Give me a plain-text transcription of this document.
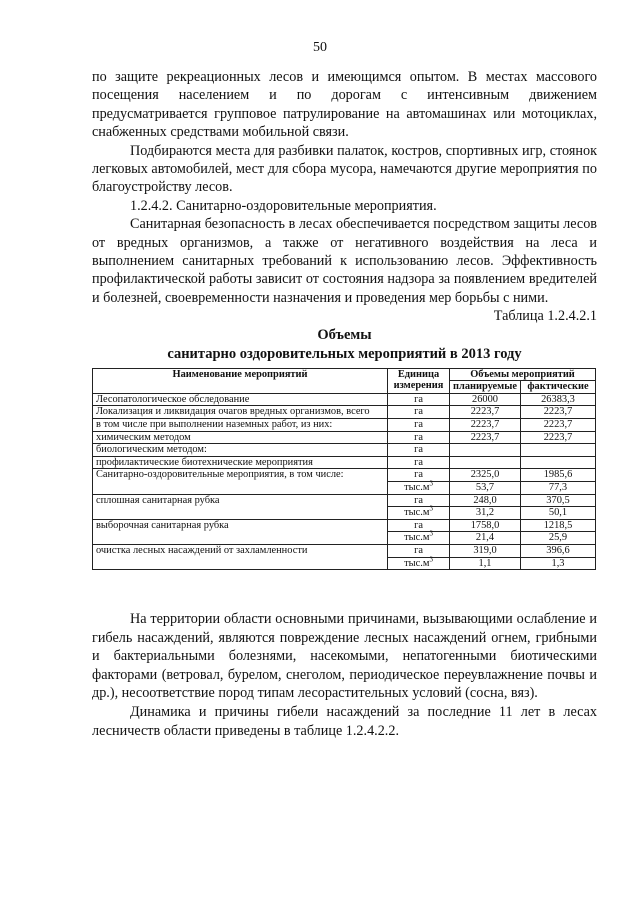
50

по защите рекреационных лесов и имеющимся опытом. В местах массового посещения населением и по дорогам с интенсивным движением предусматривается групповое патрулирование на автомашинах или мотоциклах, снабженных средствами мобильной связи.

Подбираются места для разбивки палаток, костров, спортивных игр, стоянок легковых автомобилей, мест для сбора мусора, намечаются другие мероприятия по благоустройству лесов.

1.2.4.2. Санитарно-оздоровительные мероприятия.

Санитарная безопасность в лесах обеспечивается посредством защиты лесов от вредных организмов, а также от негативного воздействия на леса и выполнением санитарных требований к использованию лесов. Эффективность профилактической работы зависит от состояния надзора за появлением вредителей и болезней, своевременности назначения и проведения мер борьбы с ними.

Таблица 1.2.4.2.1

Объемы
санитарно оздоровительных мероприятий в 2013 году
Наименование мероприятий	Единица измерения	Объемы мероприятий	
		планируемые	фактические
Лесопатологическое обследование	га	26000	26383,3
Локализация и ликвидация очагов вредных организмов, всего	га	2223,7	2223,7
в том числе при выполнении наземных работ, из них:	га	2223,7	2223,7
химическим методом	га	2223,7	2223,7
биологическим методом:	га		
профилактические биотехнические мероприятия	га		
Санитарно-оздоровительные мероприятия, в том числе:	га	2325,0	1985,6
	$тыс.м^3$	53,7	77,3
сплошная санитарная рубка	га	248,0	370,5
	$тыс.м^3$	31,2	50,1
выборочная санитарная рубка	га	1758,0	1218,5
	$тыс.м^3$	21,4	25,9
очистка лесных насаждений от захламленности	га	319,0	396,6
	$тыс.м^3$	1,1	1,3

На территории области основными причинами, вызывающими ослабление и гибель насаждений, являются повреждение лесных насаждений огнем, грибными и бактериальными болезнями, насекомыми, непатогенными биотическими факторами (ветровал, бурелом, снеголом, периодическое переувлажнение почвы и др.), несоответствие пород типам лесорастительных условий (сосна, вяз).

Динамика и причины гибели насаждений за последние 11 лет в лесах лесничеств области приведены в таблице 1.2.4.2.2.
